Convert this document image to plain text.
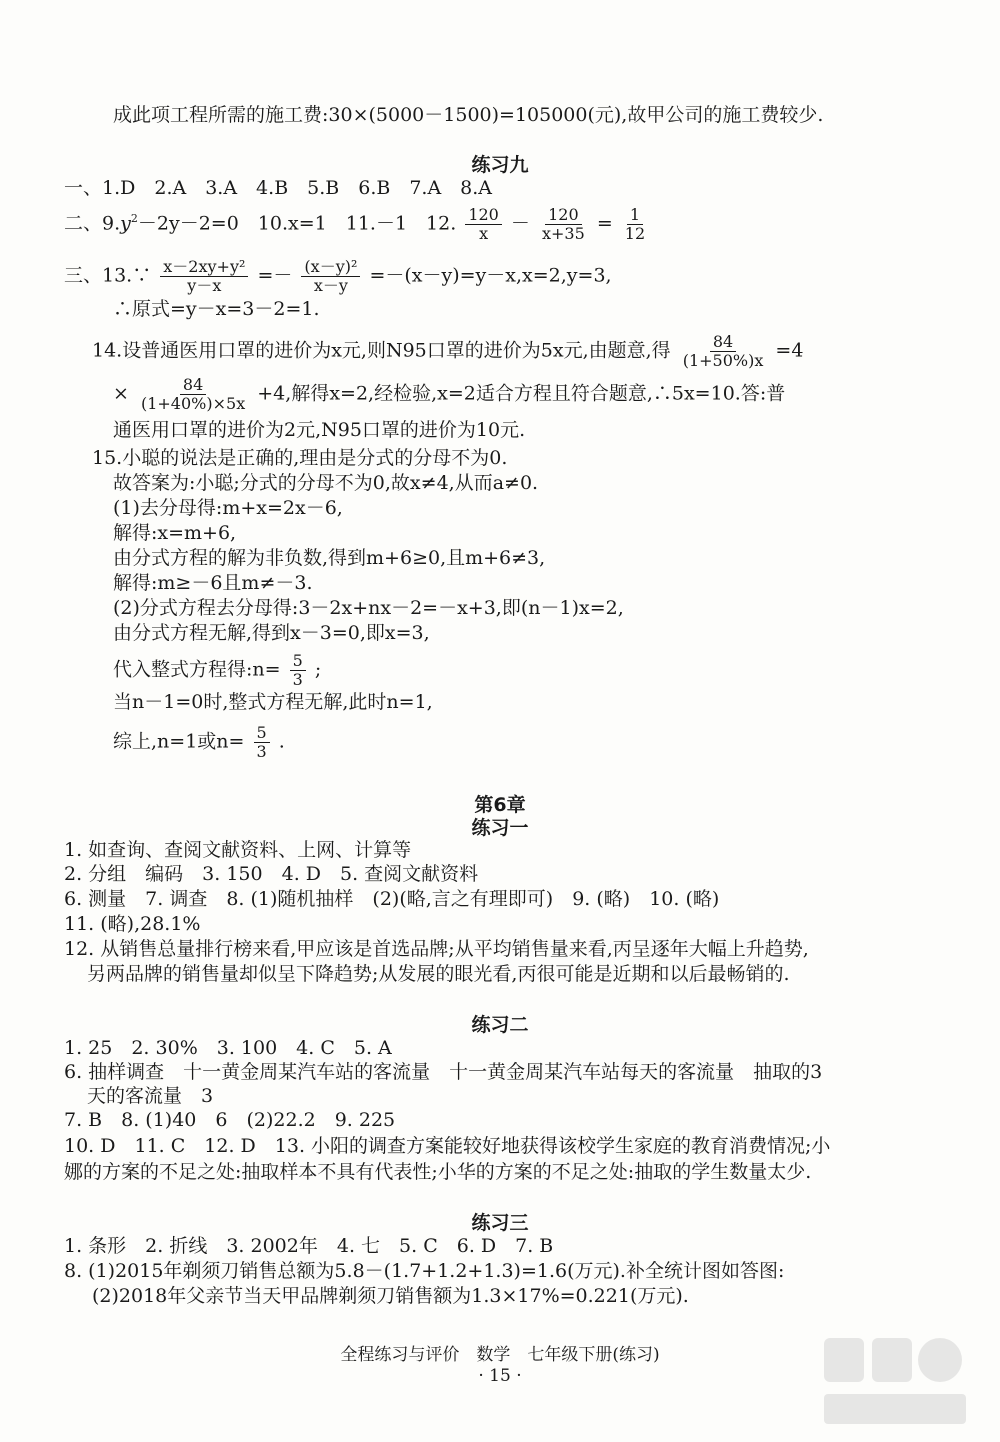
成此项工程所需的施工费:30×(5000－1500)=105000(元),故甲公司的施工费较少.
练习九
一、1.D　2.A　3.A　4.B　5.B　6.B　7.A　8.A
二、$9.y^2-2y-2=0$　10.x=1　11.－1　12. $\frac{120}{x} - \frac{120}{x+35} = \frac{1}{12}$
三、13.∵ $\frac{\text{x－2xy+y²}}{y-x} =- \frac{\text{(x－y)²}}{x-y} =-(x-y)=y-x,x=2,y=3$,
∴原式=y－x=3－2=1.
14.设普通医用口罩的进价为x元,则N95口罩的进价为5x元,由题意,得 $\frac{84}{(1+50\%)x} =4$
× $\frac{84}{(1+40\%)\times 5x} +4$,解得x=2,经检验,x=2适合方程且符合题意,∴5x=10.答:普
通医用口罩的进价为2元,N95口罩的进价为10元.
15.小聪的说法是正确的,理由是分式的分母不为0.
故答案为:小聪;分式的分母不为0,故x≠4,从而a≠0.
(1)去分母得:m+x=2x－6,
解得:x=m+6,
由分式方程的解为非负数,得到m+6≥0,且m+6≠3,
解得:m≥－6且m≠－3.
(2)分式方程去分母得:3－2x+nx－2=－x+3,即(n－1)x=2,
由分式方程无解,得到x－3=0,即x=3,
代入整式方程得:n= $\frac{5}{3}$ ;
当n－1=0时,整式方程无解,此时n=1,
综上,n=1或$n= \frac{5}{3}$ .
第6章
练习一
1. 如查询、查阅文献资料、上网、计算等
2. 分组　编码　3. 150　4. D　5. 查阅文献资料
6. 测量　7. 调查　8. (1)随机抽样　(2)(略,言之有理即可)　9. (略)　10. (略)
11. (略),28.1%
12. 从销售总量排行榜来看,甲应该是首选品牌;从平均销售量来看,丙呈逐年大幅上升趋势,
另两品牌的销售量却似呈下降趋势;从发展的眼光看,丙很可能是近期和以后最畅销的.
练习二
1. 25　2. 30%　3. 100　4. C　5. A
6. 抽样调查　十一黄金周某汽车站的客流量　十一黄金周某汽车站每天的客流量　抽取的3
天的客流量　3
7. B　8. (1)40　6　(2)22.2　9. 225
10. D　11. C　12. D　13. 小阳的调查方案能较好地获得该校学生家庭的教育消费情况;小
娜的方案的不足之处:抽取样本不具有代表性;小华的方案的不足之处:抽取的学生数量太少.
练习三
1. 条形　2. 折线　3. 2002年　4. 七　5. C　6. D　7. B
8. (1)2015年剃须刀销售总额为5.8－(1.7+1.2+1.3)=1.6(万元).补全统计图如答图:
(2)2018年父亲节当天甲品牌剃须刀销售额为1.3×17%=0.221(万元).
全程练习与评价　数学　七年级下册(练习)
· 15 ·
